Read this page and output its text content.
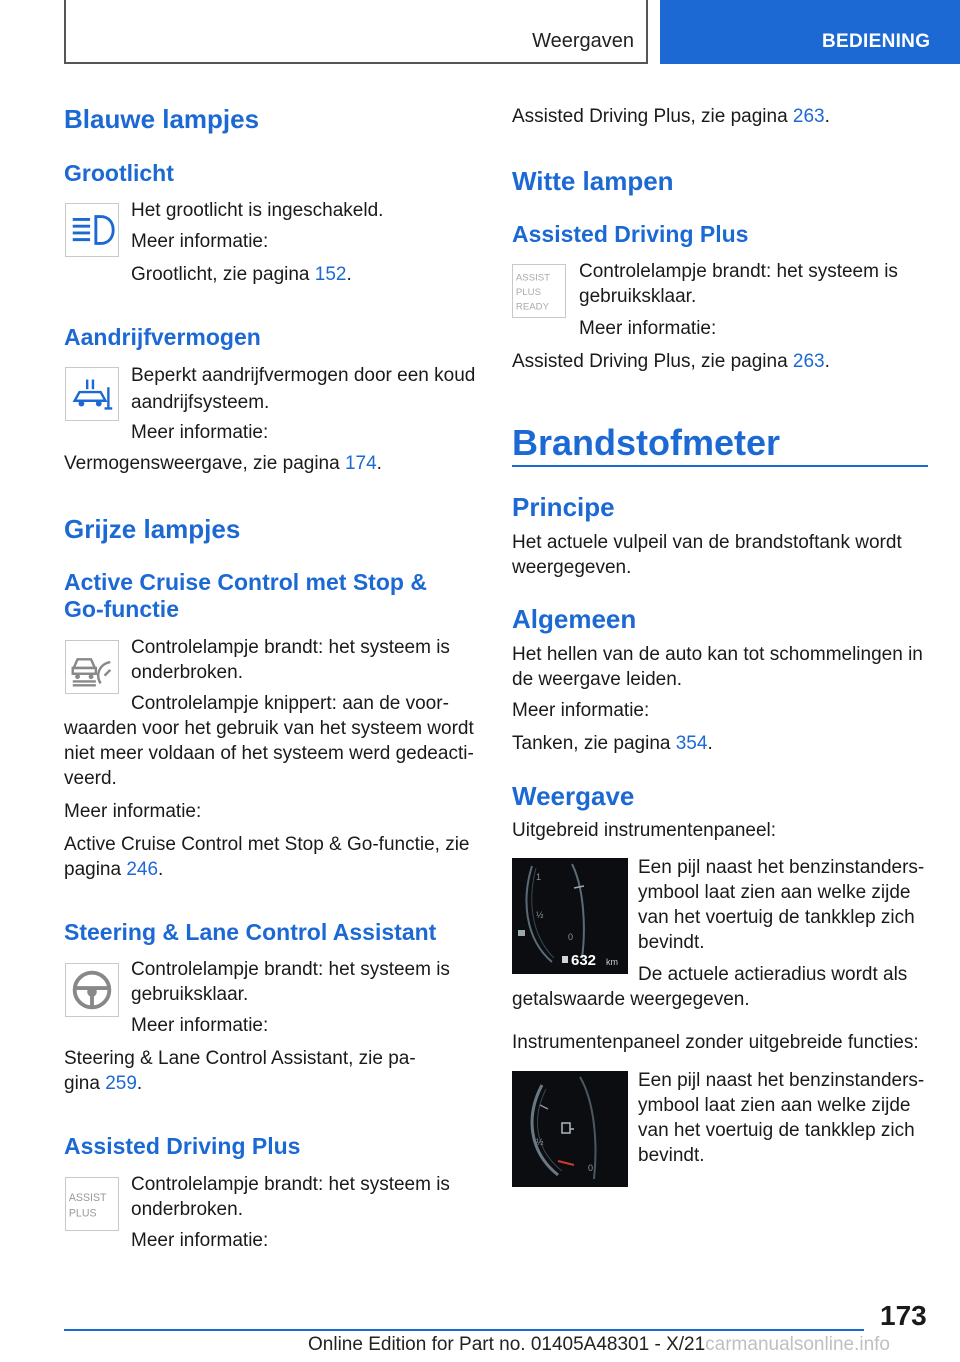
Weergaven	BEDIENING
Blauwe lampjes
Grootlicht
Het grootlicht is ingeschakeld.
Meer informatie:
Grootlicht, zie pagina 152.
Aandrijfvermogen
Beperkt aandrijfvermogen door een koud
aandrijfsysteem.
Meer informatie:
Vermogensweergave, zie pagina 174.
Grijze lampjes
Active Cruise Control met Stop &
Go-functie
Controlelampje brandt: het systeem is
onderbroken.
Controlelampje knippert: aan de voor-
waarden voor het gebruik van het systeem wordt
niet meer voldaan of het systeem werd gedeacti-
veerd.
Meer informatie:
Active Cruise Control met Stop & Go-functie, zie
pagina 246.
Steering & Lane Control Assistant
Controlelampje brandt: het systeem is
gebruiksklaar.
Meer informatie:
Steering & Lane Control Assistant, zie pa-
gina 259.
Assisted Driving Plus
ASSIST
PLUS
Controlelampje brandt: het systeem is
onderbroken.
Meer informatie:
Assisted Driving Plus, zie pagina 263.
Witte lampen
Assisted Driving Plus
ASSIST
PLUS
READY
Controlelampje brandt: het systeem is
gebruiksklaar.
Meer informatie:
Assisted Driving Plus, zie pagina 263.
Brandstofmeter
Principe
Het actuele vulpeil van de brandstoftank wordt
weergegeven.
Algemeen
Het hellen van de auto kan tot schommelingen in
de weergave leiden.
Meer informatie:
Tanken, zie pagina 354.
Weergave
Uitgebreid instrumentenpaneel:
1
½
0
632 km
Een pijl naast het benzinstanders-
ymbool laat zien aan welke zijde
van het voertuig de tankklep zich
bevindt.
De actuele actieradius wordt als
getalswaarde weergegeven.
Instrumentenpaneel zonder uitgebreide functies:
½
0
Een pijl naast het benzinstanders-
ymbool laat zien aan welke zijde
van het voertuig de tankklep zich
bevindt.
173
Online Edition for Part no. 01405A48301 - X/21carmanualsonline.info
